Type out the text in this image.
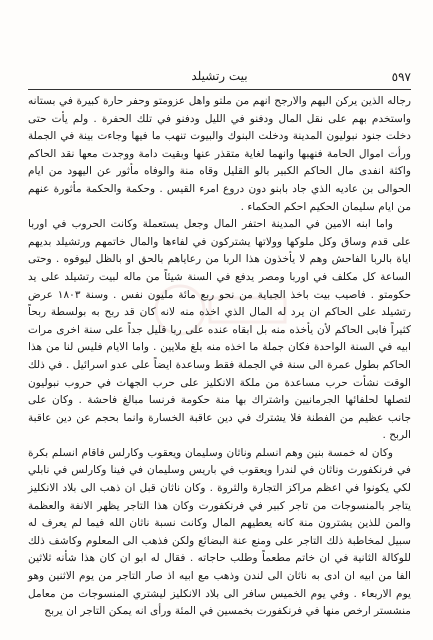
٥٩٧
بيت رتشيلد

رجاله الذين يركن اليهم والارجح انهم من ملتو واهل عزومتو وحفر حارة كبيرة في بستانه واستخدم بهم على نقل المال ودفنو في الليل ودفنو في تلك الحفرة . ولم يأت حتى دخلت جنود نبوليون المدينة ودخلت البنوك والبيوت تنهب ما فيها وجاءت بينة في الجملة ورأت اموال الحامة فنهبها وانهما لغاية متقذر عنها وبقيت دامة ووجدت معها نقد الحاكم واكثة انفدى مال الحاكم الكبير بالو القليل وقاه منة والوفاه مأثور عن اليهود من ايام الحوالى بن عاديه الذي جاد بابنو دون دروع امرء القيس . وحكمة والحكمة مأثورة عنهم من ايام سليمان الحكيم احكم الحكماء .

واما ابنه الامين في المدينة احتفر المال وجعل يستعملة وكانت الحروب في اوربا على قدم وساق وكل ملوكها وولاتها يشتركون في لفاءها والمال خاتمهم ورتشيلد بديهم اياة بالربا الفاحش وهم لا يأخذون هذا الربا من رعاياهم بالحق او بالظل ليوفوه . وحتى الساعة كل مكلف في اوربا ومصر يدفع في السنة شيئاً من ماله لبيت رتشيلد على يد حكومتو . فاصيب بيت باخذ الجباية من نحو ربع مائة مليون نفس . وسنة ١٨٠٣ عرض رتشيلد على الحاكم ان يرد له المال الذي اخذه منه لانه كان قد ربح به بولسطة ربحاً كثيراً فابى الحاكم لأن يأخذه منه بل ابقاه عنده على ربا قليل جداً على سنة اخرى مرات ابيه في السنة الواحدة فكان جملة ما اخذه منه بلغ ملايين . واما الايام فليس لنا من هذا الحاكم بطول عمرة الى سنة في الجملة فقط وساعدة ايضاً على عدو اسرائيل . في ذلك الوقت نشأت حرب مساعدة من ملكة الانكليز على حرب الجهات في حروب نبوليون لتصلها لحلفائها الجرمانيين واشتراك بها منة حكومة فرنسا مبالغ فاحشة . وكان على جانب عظيم من الفطنة فلا يشترك في دين عاقبة الخسارة وانما بحجم عن دين عاقبة الربح .

وكان له خمسة بنين وهم انسلم وناثان وسليمان ويعقوب وكارلس فاقام انسلم بكرة في فرنكفورت وناثان في لندرا ويعقوب في باريس وسليمان في فينا وكارلس في نابلي لكي يكونوا في اعظم مراكز التجارة والثروة . وكان ناثان قبل ان ذهب الى بلاد الانكليز يتاجر بالمنسوجات من تاجر كبير في فرنكفورت وكان هذا التاجر يظهر الانفة والعظمة والمن للذين يشترون منة كانه يعطيهم المال وكانت نسبة ناثان الله فيما لم يعرف له سبيل لمخاطبة ذلك التاجر على ومنع عنة البضائع ولكن فذهب الى المعلوم وكاشف ذلك للوكالة الثانية في ان خاتم مطعماً وطلب حاجاته . فقال له ابو ان كان هذا شأنه ثلاثين الفا من ابيه ان ادى به ناثان الى لندن وذهب مع ابيه اذ صار التاجر من يوم الاثنين وهو يوم الاربعاء . وفي يوم الخميس سافر الى بلاد الانكليز ليشتري المنسوجات من معامل منشستر ارخص منها في فرنكفورت بخمسين في المئة ورأى انه يمكن التاجر ان يربح
